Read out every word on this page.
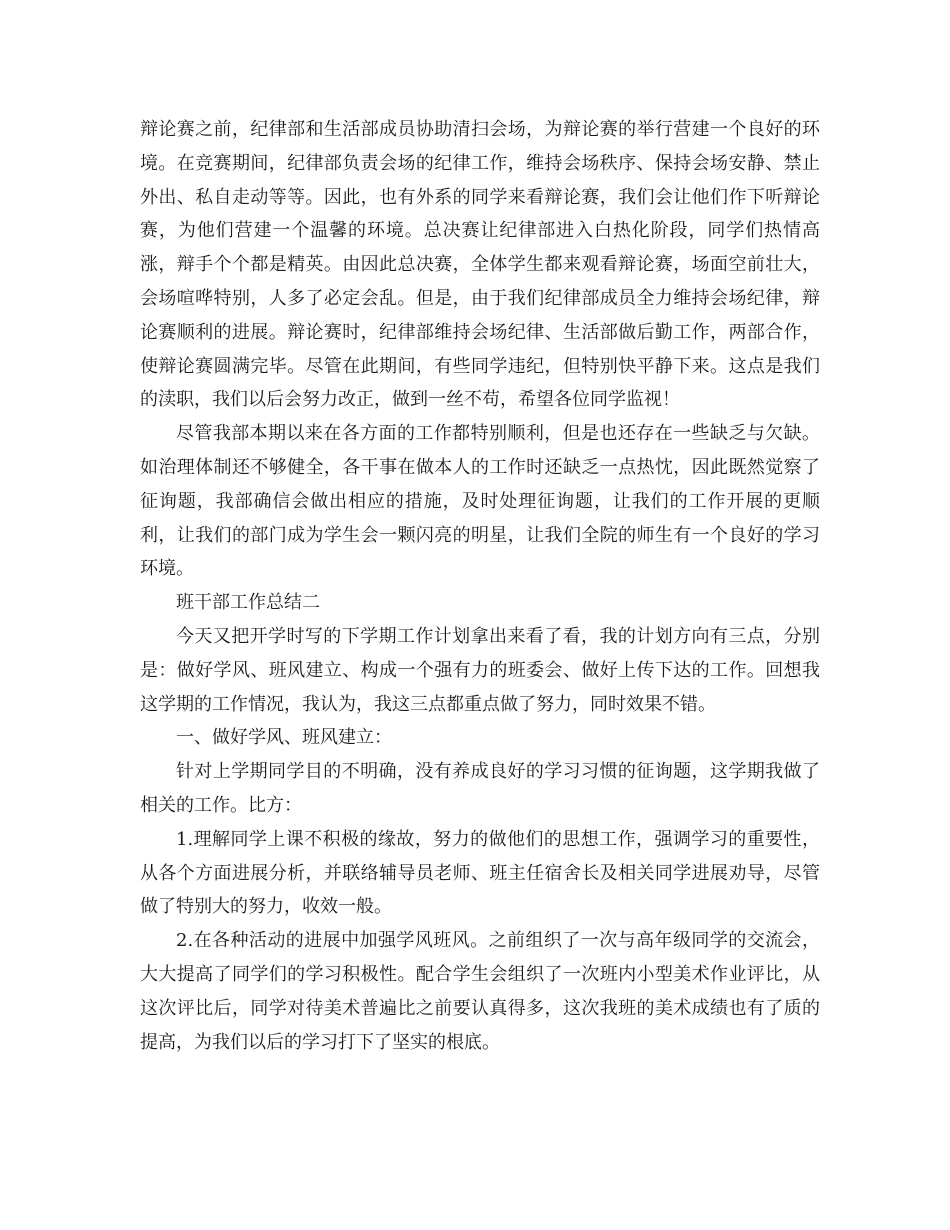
辩论赛之前，纪律部和生活部成员协助清扫会场，为辩论赛的举行营建一个良好的环境。在竞赛期间，纪律部负责会场的纪律工作，维持会场秩序、保持会场安静、禁止外出、私自走动等等。因此，也有外系的同学来看辩论赛，我们会让他们作下听辩论赛，为他们营建一个温馨的环境。总决赛让纪律部进入白热化阶段，同学们热情高涨，辩手个个都是精英。由因此总决赛，全体学生都来观看辩论赛，场面空前壮大，会场喧哗特别，人多了必定会乱。但是，由于我们纪律部成员全力维持会场纪律，辩论赛顺利的进展。辩论赛时，纪律部维持会场纪律、生活部做后勤工作，两部合作，使辩论赛圆满完毕。尽管在此期间，有些同学违纪，但特别快平静下来。这点是我们的渎职，我们以后会努力改正，做到一丝不苟，希望各位同学监视！

尽管我部本期以来在各方面的工作都特别顺利，但是也还存在一些缺乏与欠缺。如治理体制还不够健全，各干事在做本人的工作时还缺乏一点热忱，因此既然觉察了征询题，我部确信会做出相应的措施，及时处理征询题，让我们的工作开展的更顺利，让我们的部门成为学生会一颗闪亮的明星，让我们全院的师生有一个良好的学习环境。

班干部工作总结二

今天又把开学时写的下学期工作计划拿出来看了看，我的计划方向有三点，分别是：做好学风、班风建立、构成一个强有力的班委会、做好上传下达的工作。回想我这学期的工作情况，我认为，我这三点都重点做了努力，同时效果不错。

一、做好学风、班风建立：

针对上学期同学目的不明确，没有养成良好的学习习惯的征询题，这学期我做了相关的工作。比方：

1.理解同学上课不积极的缘故，努力的做他们的思想工作，强调学习的重要性，从各个方面进展分析，并联络辅导员老师、班主任宿舍长及相关同学进展劝导，尽管做了特别大的努力，收效一般。

2.在各种活动的进展中加强学风班风。之前组织了一次与高年级同学的交流会，大大提高了同学们的学习积极性。配合学生会组织了一次班内小型美术作业评比，从这次评比后，同学对待美术普遍比之前要认真得多，这次我班的美术成绩也有了质的提高，为我们以后的学习打下了坚实的根底。
